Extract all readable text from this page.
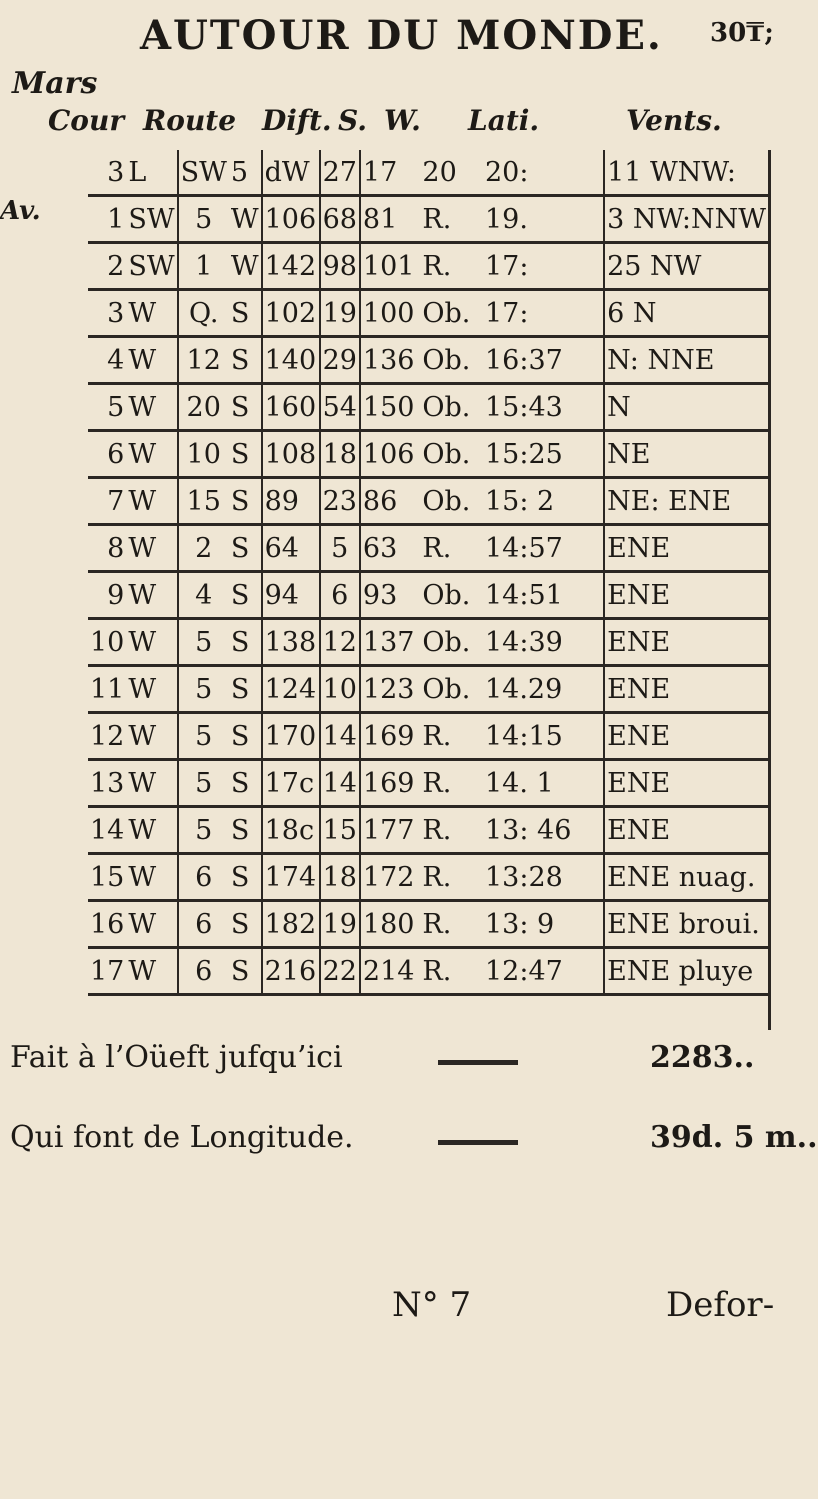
AUTOUR DU MONDE. 30₸;
Mars
Cour Route Dift. S. W. Lati.	Vents.
Av.
3	L	SW	5	dW	27	17	20	20:	11 WNW:
1	SW	5	W	106	68	81	R.	19.	3 NW:NNW
2	SW	1	W	142	98	101	R.	17:	25 NW
3	W	Q.	S	102	19	100	Ob.	17:	6 N
4	W	12	S	140	29	136	Ob.	16:37	N: NNE
5	W	20	S	160	54	150	Ob.	15:43	N
6	W	10	S	108	18	106	Ob.	15:25	NE
7	W	15	S	89	23	86	Ob.	15: 2	NE: ENE
8	W	2	S	64	5	63	R.	14:57	ENE
9	W	4	S	94	6	93	Ob.	14:51	ENE
10	W	5	S	138	12	137	Ob.	14:39	ENE
11	W	5	S	124	10	123	Ob.	14.29	ENE
12	W	5	S	170	14	169	R.	14:15	ENE
13	W	5	S	17c	14	169	R.	14. 1	ENE
14	W	5	S	18c	15	177	R.	13: 46	ENE
15	W	6	S	174	18	172	R.	13:28	ENE nuag.
16	W	6	S	182	19	180	R.	13: 9	ENE broui.
17	W	6	S	216	22	214	R.	12:47	ENE pluye
Fait à l’Oüeft jufqu’ici	2283..
Qui font de Longitude.	39d. 5 m..
N° 7	Defor-
